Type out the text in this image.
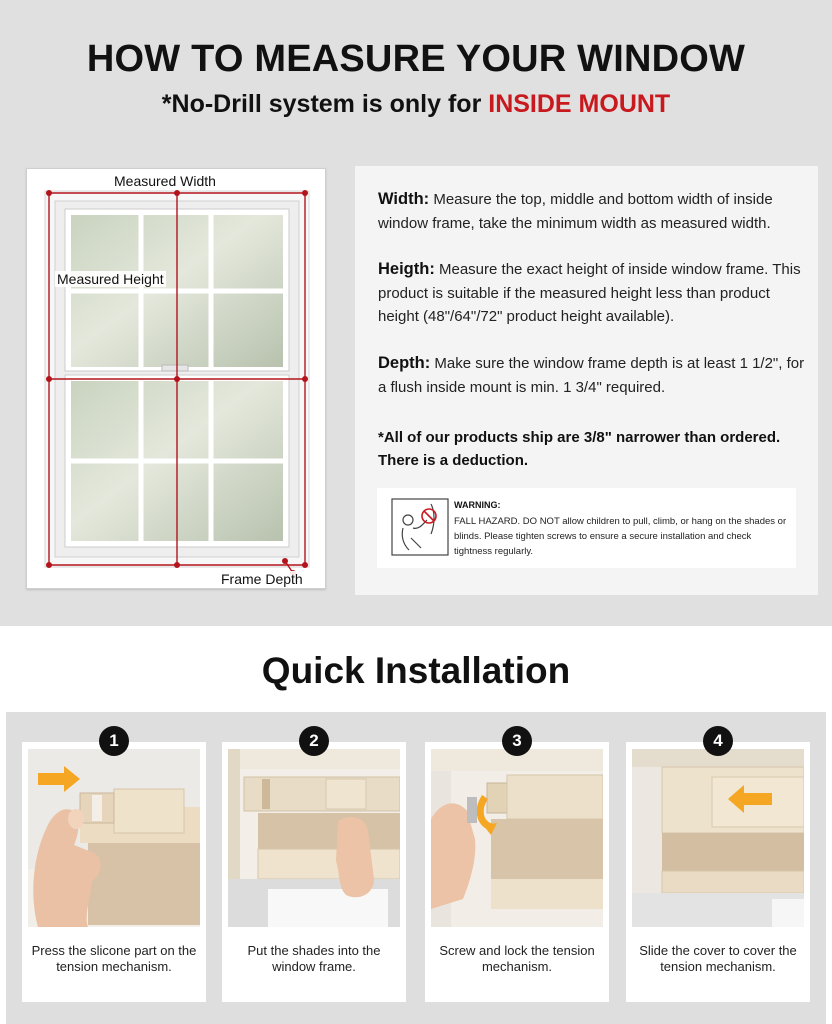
HOW TO MEASURE YOUR WINDOW
*No-Drill system is only for INSIDE MOUNT
Measured Width
Measured Height
Frame Depth
Width: Measure the top, middle and bottom width of inside window frame, take the minimum width as measured width.
Heigth: Measure the exact height of inside window frame. This product is suitable if the measured height less than product height (48"/64"/72" product height available).
Depth: Make sure the window frame depth is at least 1 1/2", for a flush inside mount is min. 1 3/4" required.
*All of our products ship are 3/8" narrower than ordered. There is a deduction.
WARNING:
FALL HAZARD. DO NOT allow children to pull, climb, or hang on the shades or blinds. Please tighten screws to ensure a secure installation and check tightness regularly.
Quick Installation
1
Press the slicone part on the tension mechanism.
2
Put the shades into the window frame.
3
Screw and lock the tension mechanism.
4
Slide the cover to cover the tension mechanism.
